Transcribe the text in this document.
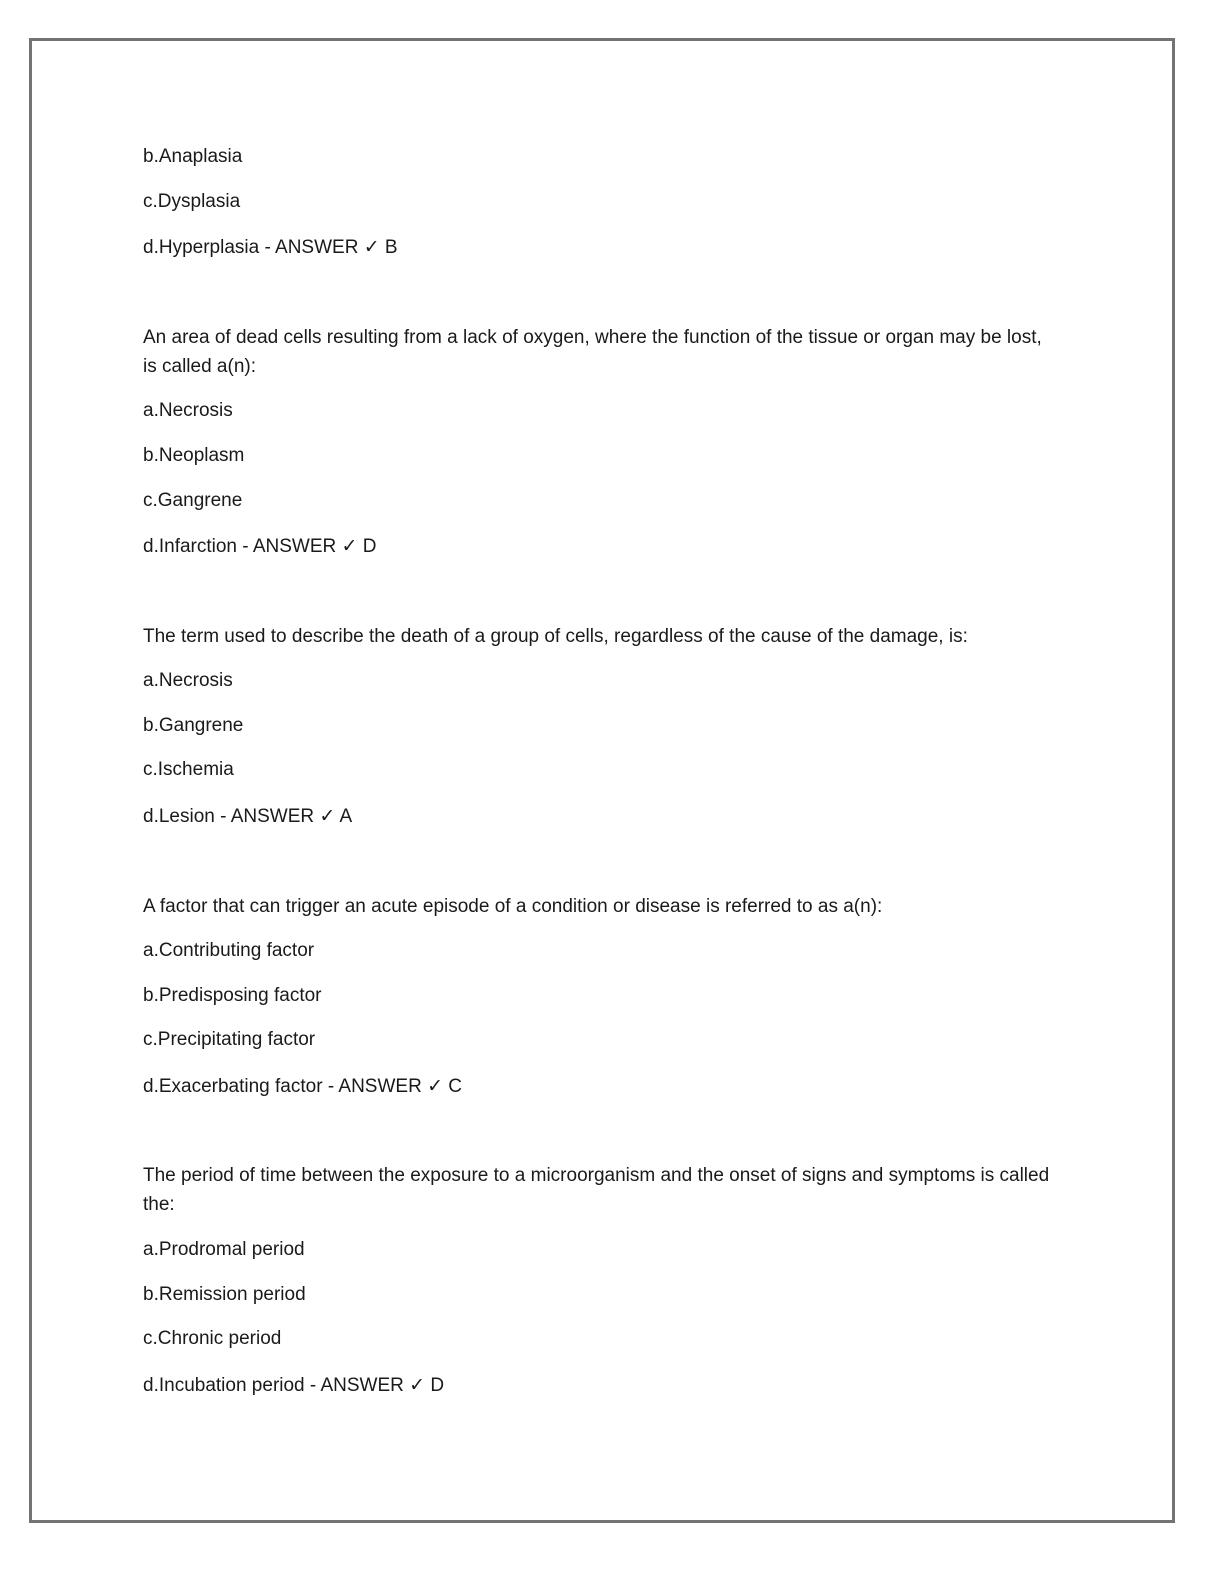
b.Anaplasia
c.Dysplasia
d.Hyperplasia - ANSWER ✓ B
An area of dead cells resulting from a lack of oxygen, where the function of the tissue or organ may be lost, is called a(n):
a.Necrosis
b.Neoplasm
c.Gangrene
d.Infarction - ANSWER ✓ D
The term used to describe the death of a group of cells, regardless of the cause of the damage, is:
a.Necrosis
b.Gangrene
c.Ischemia
d.Lesion - ANSWER ✓ A
A factor that can trigger an acute episode of a condition or disease is referred to as a(n):
a.Contributing factor
b.Predisposing factor
c.Precipitating factor
d.Exacerbating factor - ANSWER ✓ C
The period of time between the exposure to a microorganism and the onset of signs and symptoms is called the:
a.Prodromal period
b.Remission period
c.Chronic period
d.Incubation period - ANSWER ✓ D
